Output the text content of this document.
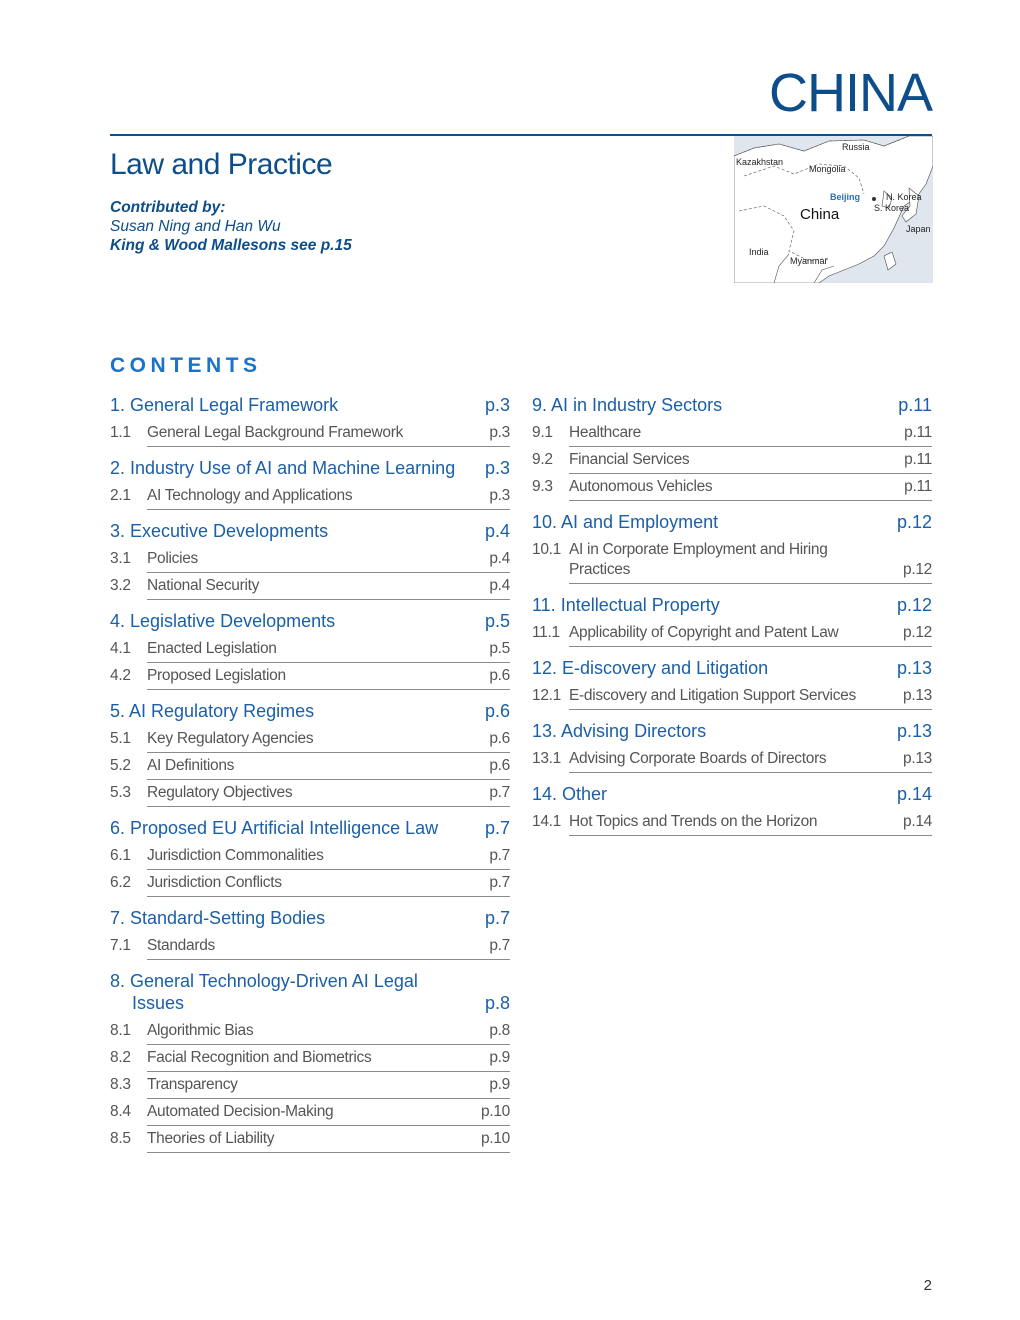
CHINA
Law and Practice
Contributed by:
Susan Ning and Han Wu
King & Wood Mallesons see p.15
Russia
Kazakhstan
Mongolia
Beijing	N. Korea
S. Korea
China
Japan
India
Myanmar
CONTENTS
1. General Legal Framework	p.3
1.1	General Legal Background Framework	p.3
2. Industry Use of AI and Machine Learning	p.3
2.1	AI Technology and Applications	p.3
3. Executive Developments	p.4
3.1	Policies	p.4
3.2	National Security	p.4
4. Legislative Developments	p.5
4.1	Enacted Legislation	p.5
4.2	Proposed Legislation	p.6
5. AI Regulatory Regimes	p.6
5.1	Key Regulatory Agencies	p.6
5.2	AI Definitions	p.6
5.3	Regulatory Objectives	p.7
6. Proposed EU Artificial Intelligence Law	p.7
6.1	Jurisdiction Commonalities	p.7
6.2	Jurisdiction Conflicts	p.7
7. Standard-Setting Bodies	p.7
7.1	Standards	p.7
8. General Technology-Driven AI Legal
Issues	p.8
8.1	Algorithmic Bias	p.8
8.2	Facial Recognition and Biometrics	p.9
8.3	Transparency	p.9
8.4	Automated Decision-Making	p.10
8.5	Theories of Liability	p.10
9. AI in Industry Sectors	p.11
9.1	Healthcare	p.11
9.2	Financial Services	p.11
9.3	Autonomous Vehicles	p.11
10. AI and Employment	p.12
10.1 AI in Corporate Employment and Hiring
Practices	p.12
11. Intellectual Property	p.12
11.1 Applicability of Copyright and Patent Law	p.12
12. E-discovery and Litigation	p.13
12.1 E-discovery and Litigation Support Services	p.13
13. Advising Directors	p.13
13.1 Advising Corporate Boards of Directors	p.13
14. Other	p.14
14.1 Hot Topics and Trends on the Horizon	p.14
2
